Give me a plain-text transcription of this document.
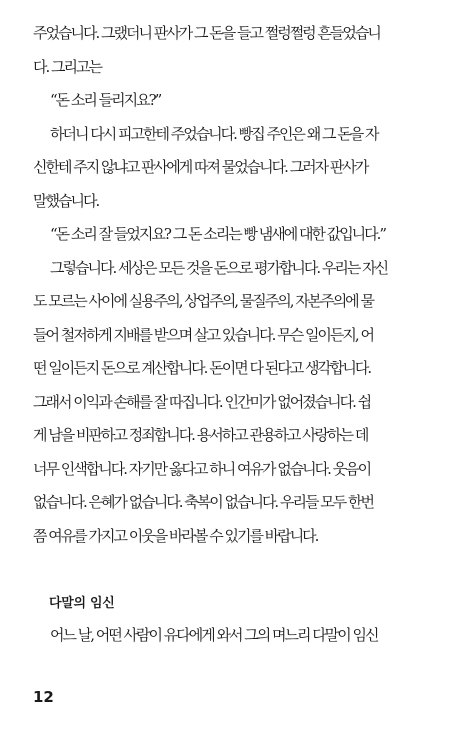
주었습니다. 그랬더니 판사가 그 돈을 들고 쩔렁쩔렁 흔들었습니
다. 그리고는
“돈 소리 들리지요?”
하더니 다시 피고한테 주었습니다. 빵집 주인은 왜 그 돈을 자
신한테 주지 않냐고 판사에게 따져 물었습니다. 그러자 판사가
말했습니다.
“돈 소리 잘 들었지요? 그 돈 소리는 빵 냄새에 대한 값입니다.”
그렇습니다. 세상은 모든 것을 돈으로 평가합니다. 우리는 자신
도 모르는 사이에 실용주의, 상업주의, 물질주의, 자본주의에 물
들어 철저하게 지배를 받으며 살고 있습니다. 무슨 일이든지, 어
떤 일이든지 돈으로 계산합니다. 돈이면 다 된다고 생각합니다.
그래서 이익과 손해를 잘 따집니다. 인간미가 없어졌습니다. 쉽
게 남을 비판하고 정죄합니다. 용서하고 관용하고 사랑하는 데
너무 인색합니다. 자기만 옳다고 하니 여유가 없습니다. 웃음이
없습니다. 은혜가 없습니다. 축복이 없습니다. 우리들 모두 한번
쯤 여유를 가지고 이웃을 바라볼 수 있기를 바랍니다.
다말의 임신
어느 날, 어떤 사람이 유다에게 와서 그의 며느리 다말이 임신
12
